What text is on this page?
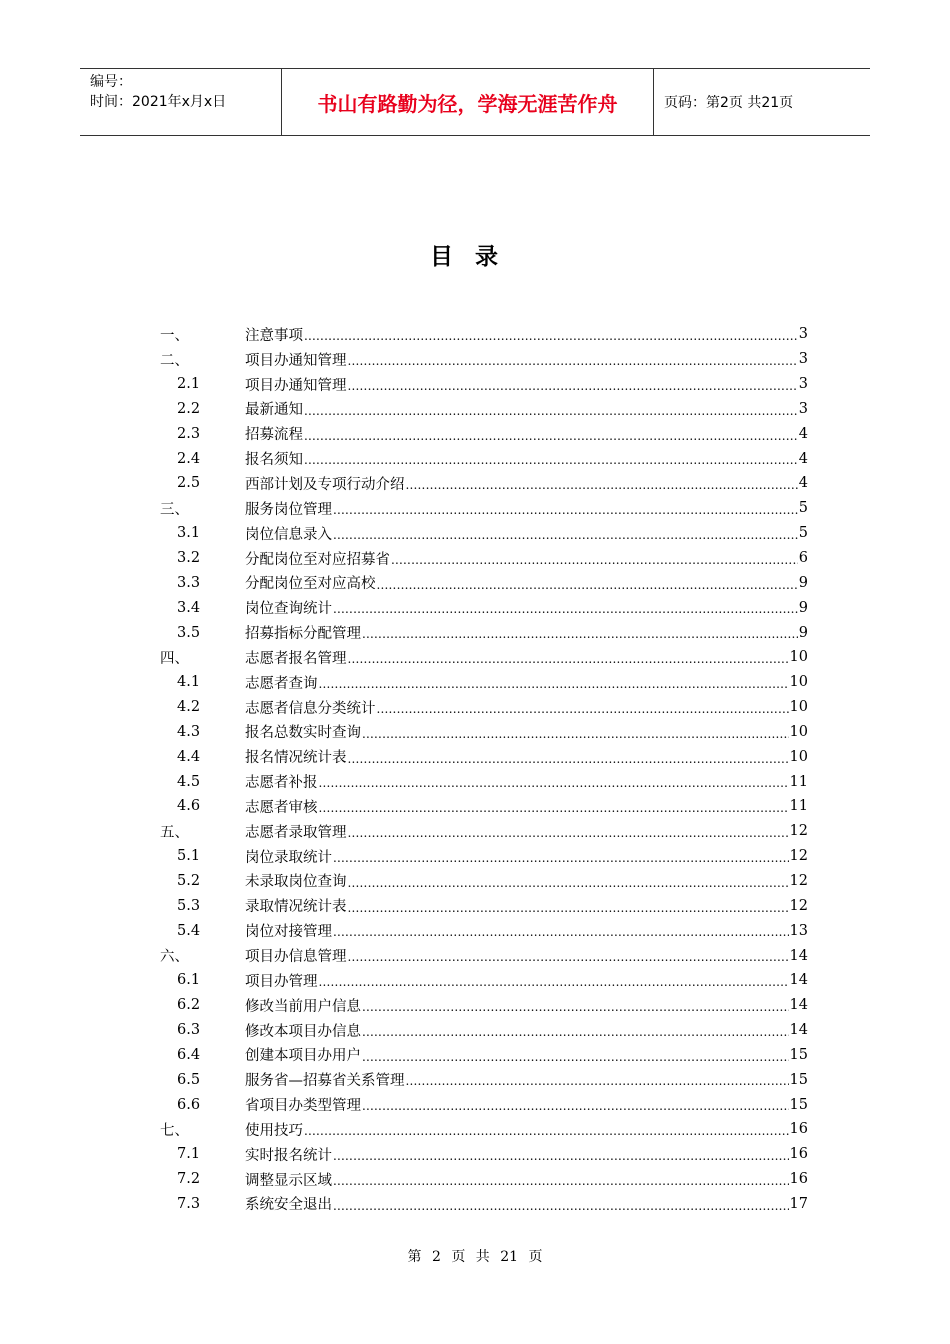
编号：
时间：2021年x月x日	书山有路勤为径，学海无涯苦作舟	页码：第2页 共21页
目录
一、	注意事项 .....	3
二、	项目办通知管理 .....	3
2.1	项目办通知管理 .....	3
2.2	最新通知 .....	3
2.3	招募流程 .....	4
2.4	报名须知 .....	4
2.5	西部计划及专项行动介绍 .....	4
三、	服务岗位管理 .....	5
3.1	岗位信息录入 .....	5
3.2	分配岗位至对应招募省 .....	6
3.3	分配岗位至对应高校 .....	9
3.4	岗位查询统计 .....	9
3.5	招募指标分配管理 .....	9
四、	志愿者报名管理 .....	10
4.1	志愿者查询 .....	10
4.2	志愿者信息分类统计 .....	10
4.3	报名总数实时查询 .....	10
4.4	报名情况统计表 .....	10
4.5	志愿者补报 .....	11
4.6	志愿者审核 .....	11
五、	志愿者录取管理 .....	12
5.1	岗位录取统计 .....	12
5.2	未录取岗位查询 .....	12
5.3	录取情况统计表 .....	12
5.4	岗位对接管理 .....	13
六、	项目办信息管理 .....	14
6.1	项目办管理 .....	14
6.2	修改当前用户信息 .....	14
6.3	修改本项目办信息 .....	14
6.4	创建本项目办用户 .....	15
6.5	服务省—招募省关系管理 .....	15
6.6	省项目办类型管理 .....	15
七、	使用技巧 .....	16
7.1	实时报名统计 .....	16
7.2	调整显示区域 .....	16
7.3	系统安全退出 .....	17
第 2 页 共 21 页
